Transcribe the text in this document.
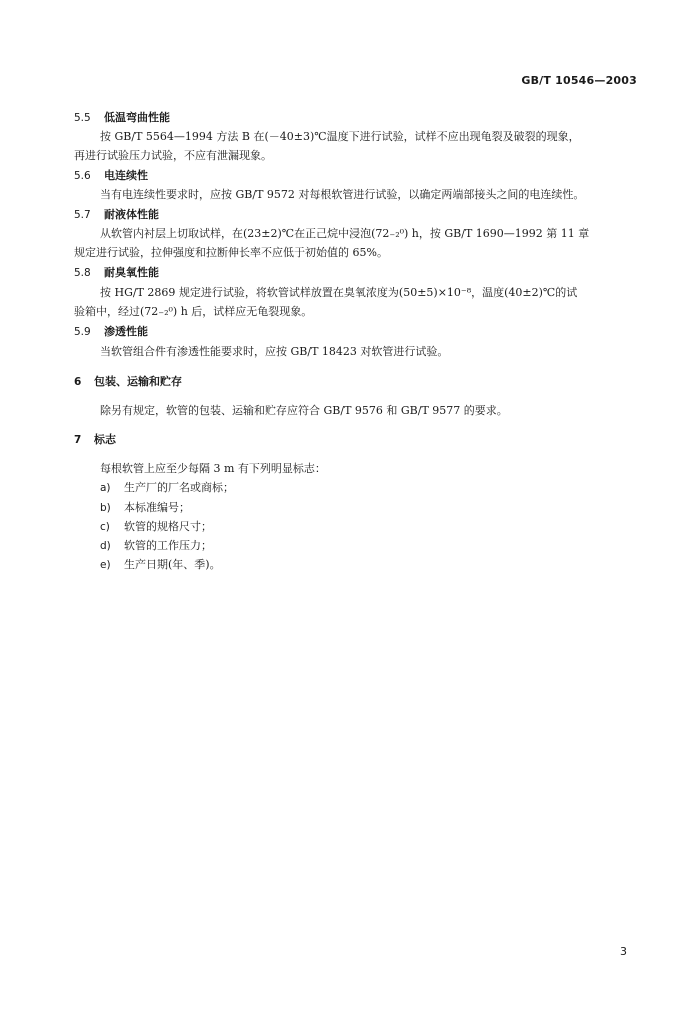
GB/T 10546—2003
5.5 低温弯曲性能
按 GB/T 5564—1994 方法 B 在(－40±3)℃温度下进行试验，试样不应出现龟裂及破裂的现象，
再进行试验压力试验，不应有泄漏现象。
5.6 电连续性
当有电连续性要求时，应按 GB/T 9572 对每根软管进行试验，以确定两端部接头之间的电连续性。
5.7 耐液体性能
从软管内衬层上切取试样，在(23±2)℃在正己烷中浸泡(72₋₂⁰) h，按 GB/T 1690—1992 第 11 章
规定进行试验，拉伸强度和拉断伸长率不应低于初始值的 65%。
5.8 耐臭氧性能
按 HG/T 2869 规定进行试验，将软管试样放置在臭氧浓度为(50±5)×10⁻⁸，温度(40±2)℃的试
验箱中，经过(72₋₂⁰) h 后，试样应无龟裂现象。
5.9 渗透性能
当软管组合件有渗透性能要求时，应按 GB/T 18423 对软管进行试验。
6 包装、运输和贮存
除另有规定，软管的包装、运输和贮存应符合 GB/T 9576 和 GB/T 9577 的要求。
7 标志
每根软管上应至少每隔 3 m 有下列明显标志：
a) 生产厂的厂名或商标；
b) 本标准编号；
c) 软管的规格尺寸；
d) 软管的工作压力；
e) 生产日期(年、季)。
3
